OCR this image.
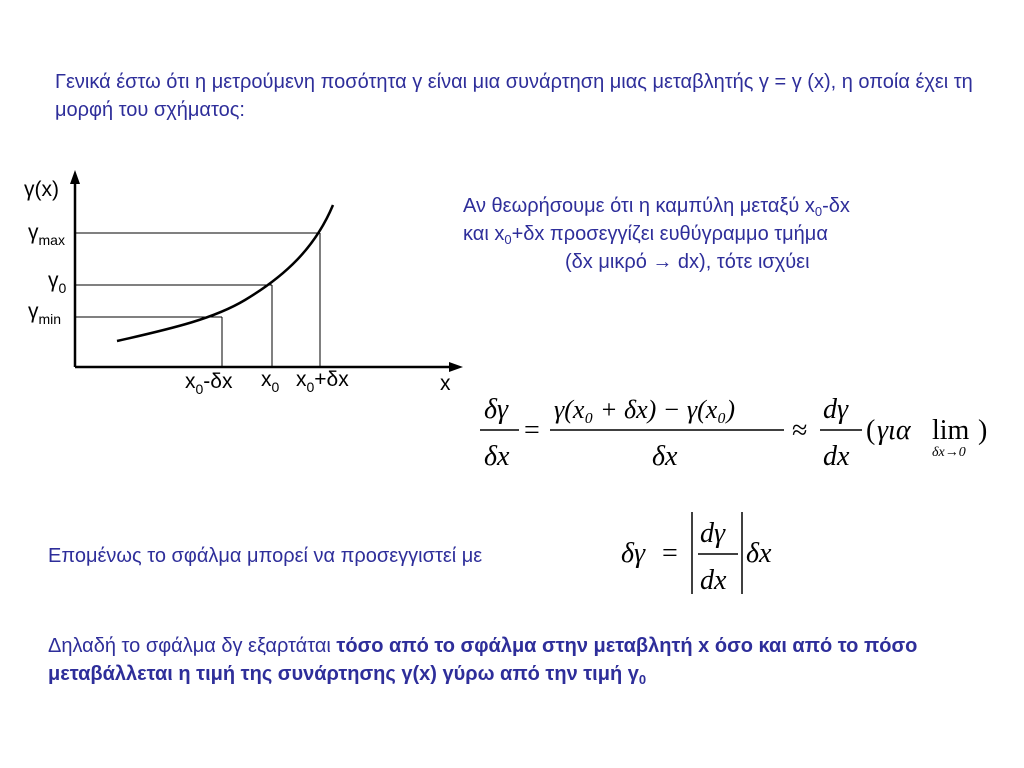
Γενικά έστω ότι η μετρούμενη ποσότητα γ είναι μια συνάρτηση μιας μεταβλητής γ = γ (x), η οποία έχει τη μορφή του σχήματος:

γ(x)
x
$\gamma_{max}$
$\gamma_0$
$\gamma_{min}$
$x_0-\delta x$ $x_0$ $x_0+\delta x$

Αν θεωρήσουμε ότι η καμπύλη μεταξύ $x_0-\delta x$
και $x_0+\delta x$ προσεγγίζει ευθύγραμμο τμήμα
(δx μικρό → dx), τότε ισχύει

δγ
δx
=
γ(x₀ + δx) − γ(x₀)
δx
≈
dγ
dx
( για lim )
δx→0

Επομένως το σφάλμα μπορεί να προσεγγιστεί με	δγ =
dγ
dx
δx

Δηλαδή το σφάλμα δγ εξαρτάται τόσο από το σφάλμα στην μεταβλητή x όσο και από το πόσο μεταβάλλεται η τιμή της συνάρτησης γ(x) γύρω από την τιμή $\gamma_0$
